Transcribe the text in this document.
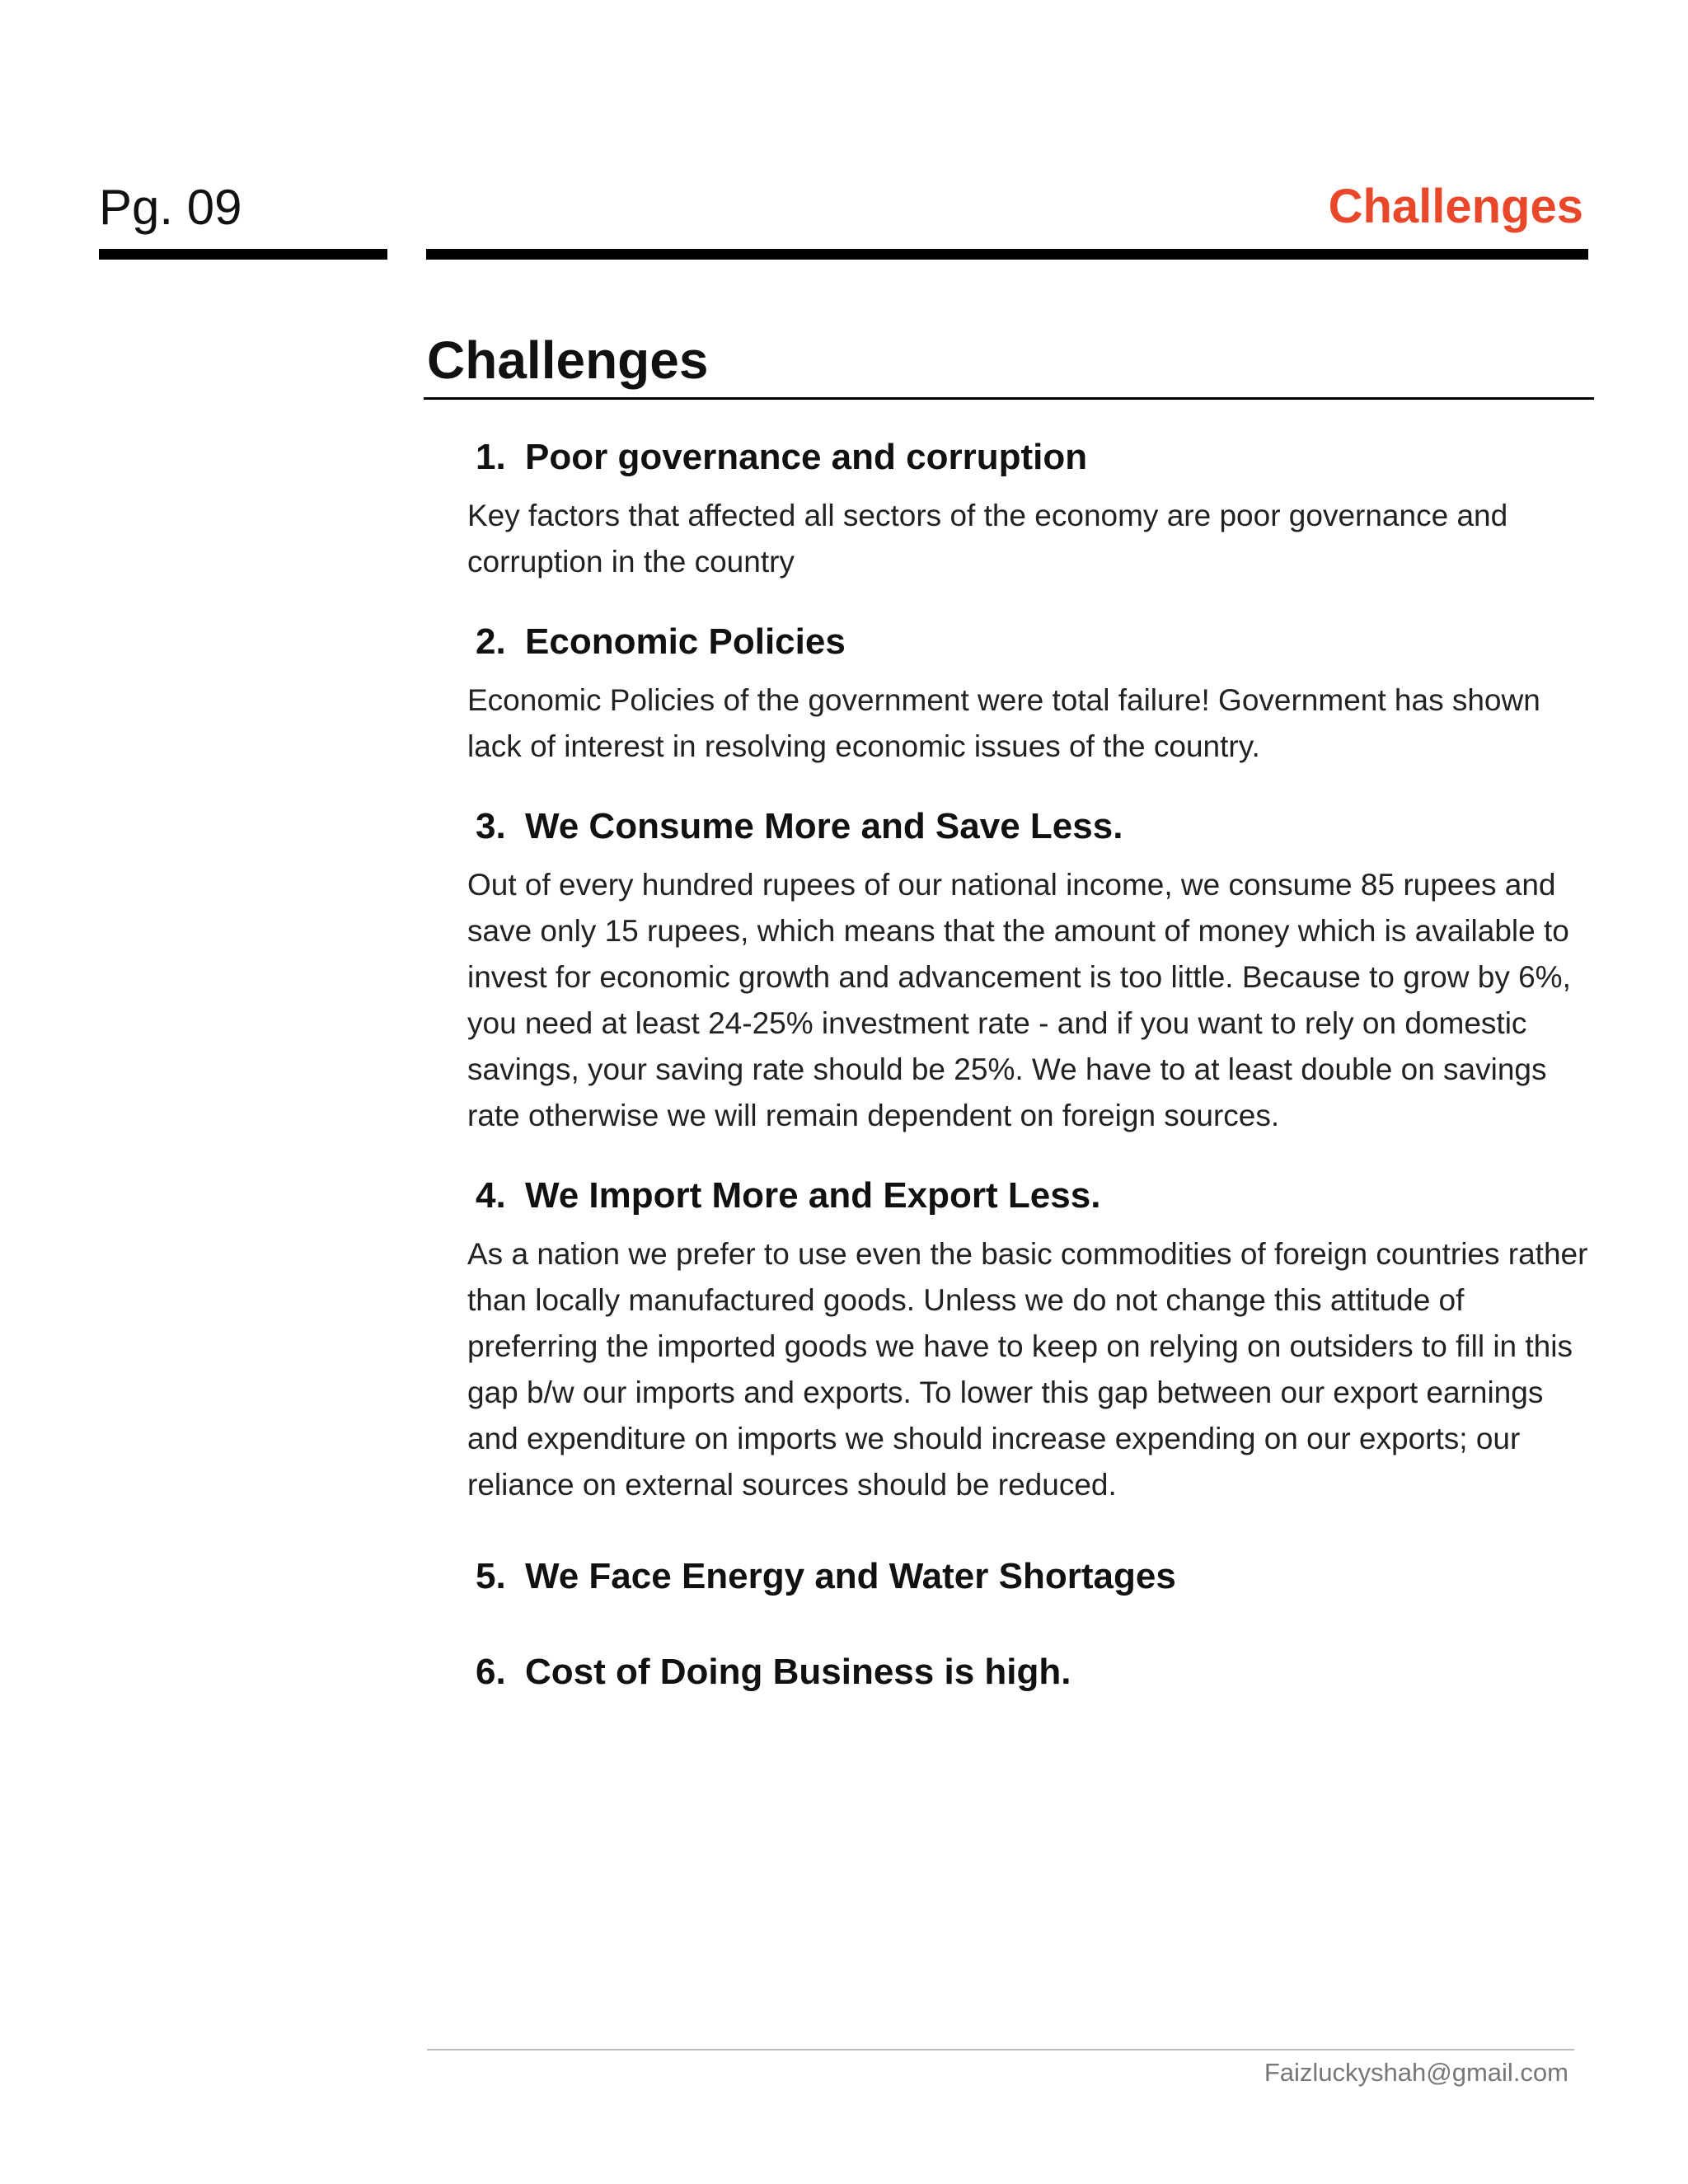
Pg. 09	Challenges
Challenges
1. Poor governance and corruption

Key factors that affected all sectors of the economy are poor governance and corruption in the country

2. Economic Policies

Economic Policies of the government were total failure! Government has shown lack of interest in resolving economic issues of the country.

3. We Consume More and Save Less.

Out of every hundred rupees of our national income, we consume 85 rupees and save only 15 rupees, which means that the amount of money which is available to invest for economic growth and advancement is too little. Because to grow by 6%, you need at least 24-25% investment rate - and if you want to rely on domestic savings, your saving rate should be 25%. We have to at least double on savings rate otherwise we will remain dependent on foreign sources.

4. We Import More and Export Less.

As a nation we prefer to use even the basic commodities of foreign countries rather than locally manufactured goods. Unless we do not change this attitude of preferring the imported goods we have to keep on relying on outsiders to fill in this gap b/w our imports and exports. To lower this gap between our export earnings and expenditure on imports we should increase expending on our exports; our reliance on external sources should be reduced.

5. We Face Energy and Water Shortages
6. Cost of Doing Business is high.
Faizluckyshah@gmail.com
